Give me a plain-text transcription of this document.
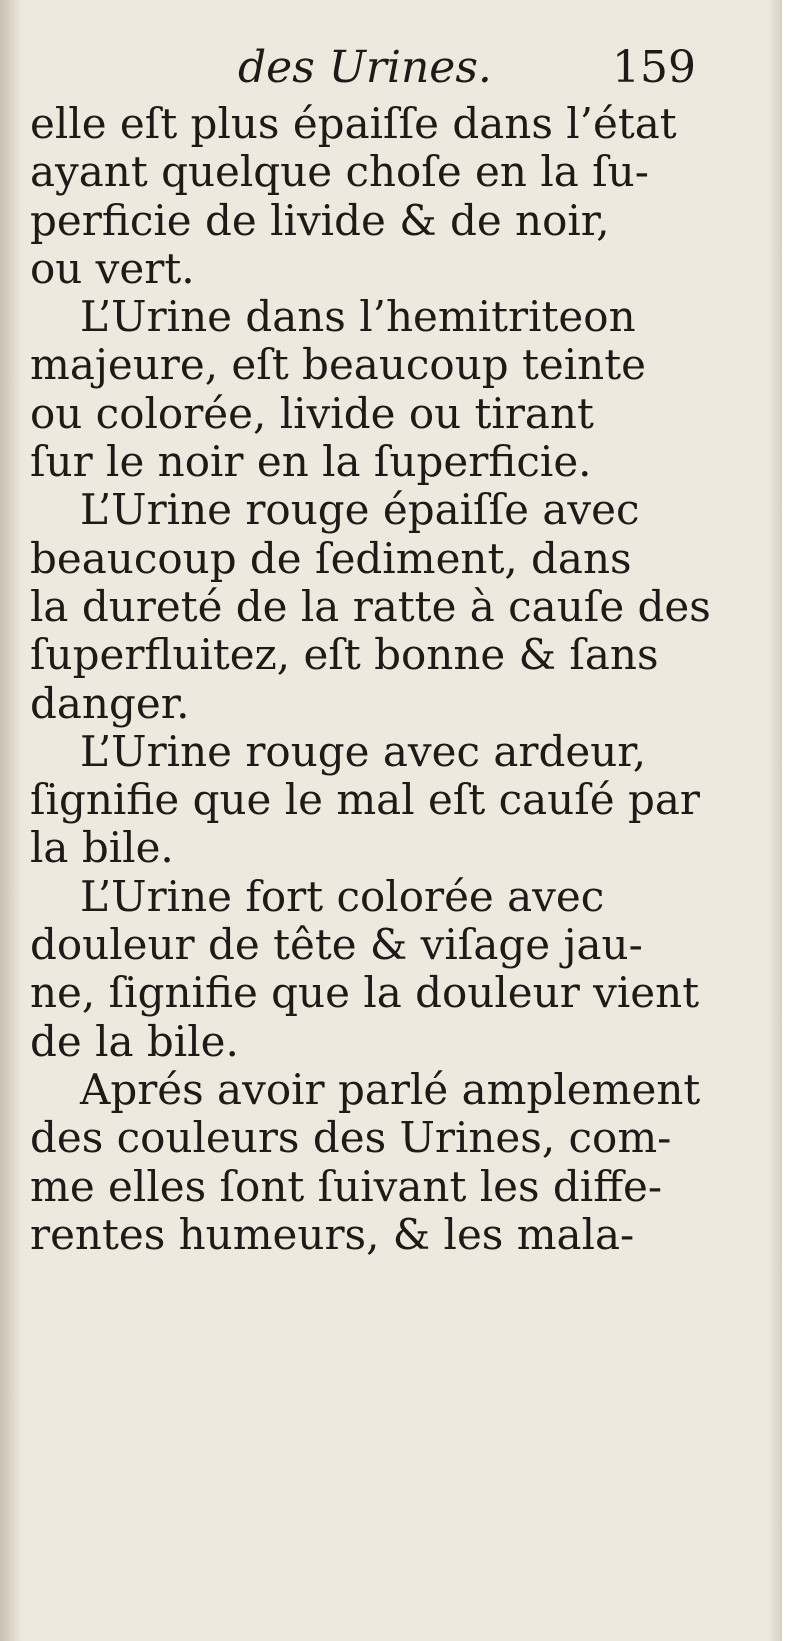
des Urines.	159
elle eſt plus épaiſſe dans l’état
ayant quelque choſe en la ſu-
perficie de livide & de noir,
ou vert.
L’Urine dans l’hemitriteon
majeure, eſt beaucoup teinte
ou colorée, livide ou tirant
ſur le noir en la ſuperficie.
L’Urine rouge épaiſſe avec
beaucoup de ſediment, dans
la dureté de la ratte à cauſe des
ſuperfluitez, eſt bonne & ſans
danger.
L’Urine rouge avec ardeur,
ſignifie que le mal eſt cauſé par
la bile.
L’Urine fort colorée avec
douleur de tête & viſage jau-
ne, ſignifie que la douleur vient
de la bile.
Aprés avoir parlé amplement
des couleurs des Urines, com-
me elles ſont ſuivant les diffe-
rentes humeurs, & les mala-
